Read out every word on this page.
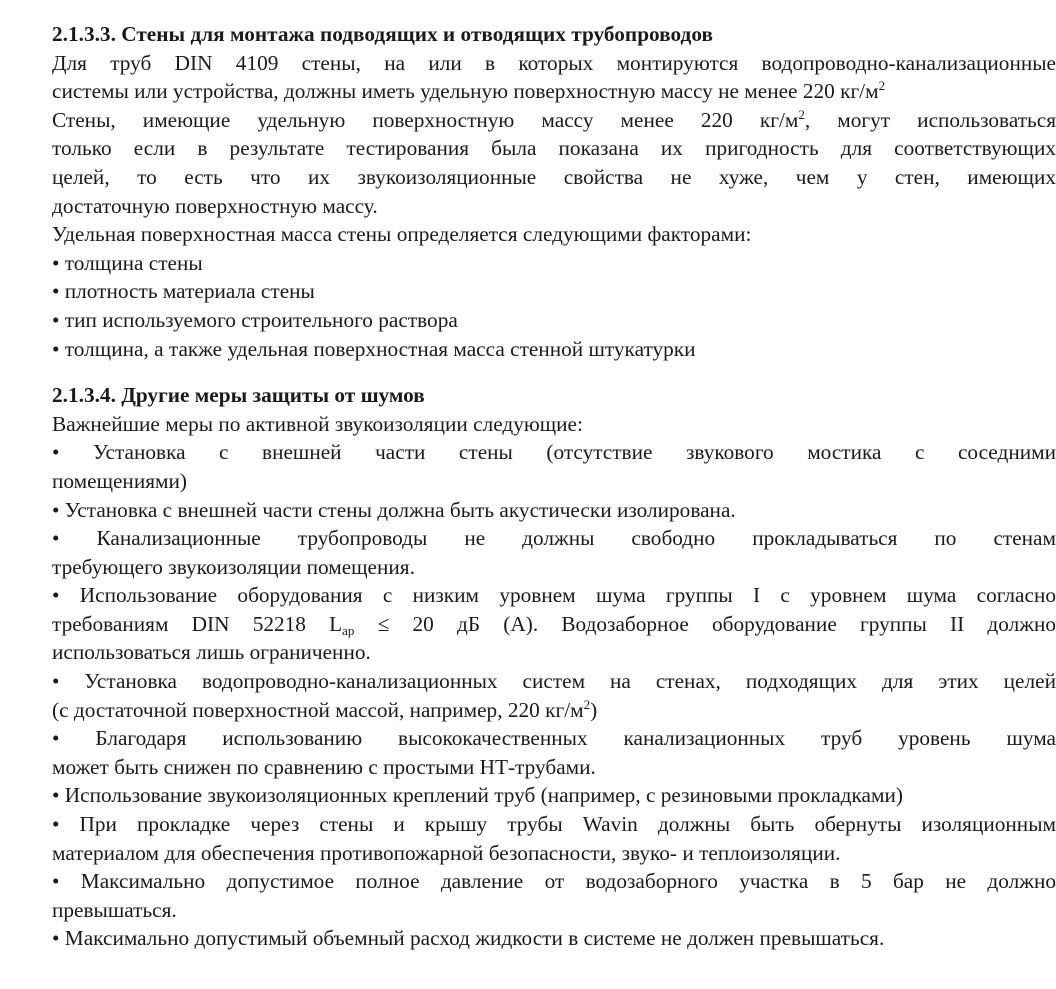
2.1.3.3. Стены для монтажа подводящих и отводящих трубопроводов
Для труб DIN 4109 стены, на или в которых монтируются водопроводно-канализационные
системы или устройства, должны иметь удельную поверхностную массу не менее 220 $кг/м^2$
Стены, имеющие удельную поверхностную массу менее 220 $кг/м^2$, могут использоваться
только если в результате тестирования была показана их пригодность для соответствующих
целей, то есть что их звукоизоляционные свойства не хуже, чем у стен, имеющих
достаточную поверхностную массу.
Удельная поверхностная масса стены определяется следующими факторами:
• толщина стены
• плотность материала стены
• тип используемого строительного раствора
• толщина, а также удельная поверхностная масса стенной штукатурки
2.1.3.4. Другие меры защиты от шумов
Важнейшие меры по активной звукоизоляции следующие:
• Установка с внешней части стены (отсутствие звукового мостика с соседними
помещениями)
• Установка с внешней части стены должна быть акустически изолирована.
• Канализационные трубопроводы не должны свободно прокладываться по стенам
требующего звукоизоляции помещения.
• Использование оборудования с низким уровнем шума группы I с уровнем шума согласно
требованиям DIN 52218 $L_{ap} \le 20$ дБ (А). Водозаборное оборудование группы II должно
использоваться лишь ограниченно.
• Установка водопроводно-канализационных систем на стенах, подходящих для этих целей
(с достаточной поверхностной массой, например, 220 $кг/м^2$)
• Благодаря использованию высококачественных канализационных труб уровень шума
может быть снижен по сравнению с простыми НТ-трубами.
• Использование звукоизоляционных креплений труб (например, с резиновыми прокладками)
• При прокладке через стены и крышу трубы Wavin должны быть обернуты изоляционным
материалом для обеспечения противопожарной безопасности, звуко- и теплоизоляции.
• Максимально допустимое полное давление от водозаборного участка в 5 бар не должно
превышаться.
• Максимально допустимый объемный расход жидкости в системе не должен превышаться.
